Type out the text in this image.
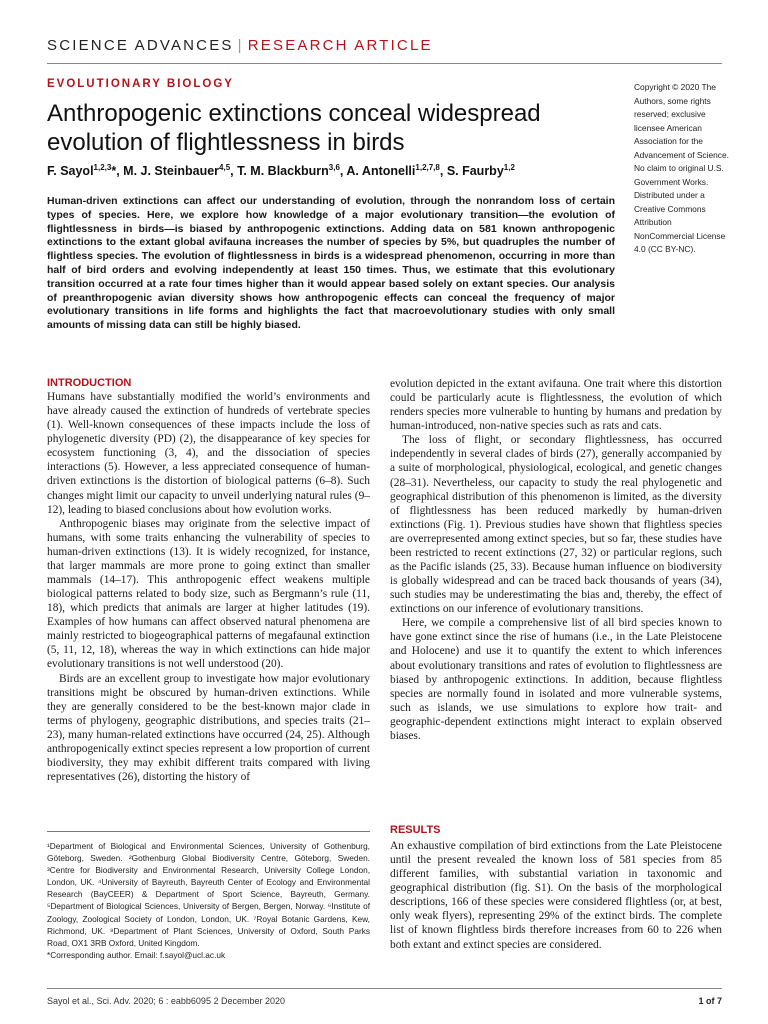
SCIENCE ADVANCES | RESEARCH ARTICLE
EVOLUTIONARY BIOLOGY
Anthropogenic extinctions conceal widespread evolution of flightlessness in birds
F. Sayol$^{1,2,3}$*, M. J. Steinbauer$^{4,5}$, T. M. Blackburn$^{3,6}$, A. Antonelli$^{1,2,7,8}$, S. Faurby$^{1,2}$
Human-driven extinctions can affect our understanding of evolution, through the nonrandom loss of certain types of species. Here, we explore how knowledge of a major evolutionary transition—the evolution of flightlessness in birds—is biased by anthropogenic extinctions. Adding data on 581 known anthropogenic extinctions to the extant global avifauna increases the number of species by 5%, but quadruples the number of flightless species. The evolution of flightlessness in birds is a widespread phenomenon, occurring in more than half of bird orders and evolving independently at least 150 times. Thus, we estimate that this evolutionary transition occurred at a rate four times higher than it would appear based solely on extant species. Our analysis of preanthropogenic avian diversity shows how anthropogenic effects can conceal the frequency of major evolutionary transitions in life forms and highlights the fact that macroevolutionary studies with only small amounts of missing data can still be highly biased.
Copyright © 2020 The Authors, some rights reserved; exclusive licensee American Association for the Advancement of Science. No claim to original U.S. Government Works. Distributed under a Creative Commons Attribution NonCommercial License 4.0 (CC BY-NC).
INTRODUCTION

Humans have substantially modified the world’s environments and have already caused the extinction of hundreds of vertebrate species (1). Well-known consequences of these impacts include the loss of phylogenetic diversity (PD) (2), the disappearance of key species for ecosystem functioning (3, 4), and the dissociation of species interactions (5). However, a less appreciated consequence of human-driven extinctions is the distortion of biological patterns (6–8). Such changes might limit our capacity to unveil underlying natural rules (9–12), leading to biased conclusions about how evolution works.

Anthropogenic biases may originate from the selective impact of humans, with some traits enhancing the vulnerability of species to human-driven extinctions (13). It is widely recognized, for instance, that larger mammals are more prone to going extinct than smaller mammals (14–17). This anthropogenic effect weakens multiple biological patterns related to body size, such as Bergmann’s rule (11, 18), which predicts that animals are larger at higher latitudes (19). Examples of how humans can affect observed natural phenomena are mainly restricted to biogeographical patterns of megafaunal extinction (5, 11, 12, 18), whereas the way in which extinctions can hide major evolutionary transitions is not well understood (20).

Birds are an excellent group to investigate how major evolutionary transitions might be obscured by human-driven extinctions. While they are generally considered to be the best-known major clade in terms of phylogeny, geographic distributions, and species traits (21–23), many human-related extinctions have occurred (24, 25). Although anthropogenically extinct species represent a low proportion of current biodiversity, they may exhibit different traits compared with living representatives (26), distorting the history of

evolution depicted in the extant avifauna. One trait where this distortion could be particularly acute is flightlessness, the evolution of which renders species more vulnerable to hunting by humans and predation by human-introduced, non-native species such as rats and cats.

The loss of flight, or secondary flightlessness, has occurred independently in several clades of birds (27), generally accompanied by a suite of morphological, physiological, ecological, and genetic changes (28–31). Nevertheless, our capacity to study the real phylogenetic and geographical distribution of this phenomenon is limited, as the diversity of flightlessness has been reduced markedly by human-driven extinctions (Fig. 1). Previous studies have shown that flightless species are overrepresented among extinct species, but so far, these studies have been restricted to recent extinctions (27, 32) or particular regions, such as the Pacific islands (25, 33). Because human influence on biodiversity is globally widespread and can be traced back thousands of years (34), such studies may be underestimating the bias and, thereby, the effect of extinctions on our inference of evolutionary transitions.

Here, we compile a comprehensive list of all bird species known to have gone extinct since the rise of humans (i.e., in the Late Pleistocene and Holocene) and use it to quantify the extent to which inferences about evolutionary transitions and rates of evolution to flightlessness are biased by anthropogenic extinctions. In addition, because flightless species are normally found in isolated and more vulnerable systems, such as islands, we use simulations to explore how trait- and geographic-dependent extinctions might interact to explain observed biases.

RESULTS

An exhaustive compilation of bird extinctions from the Late Pleistocene until the present revealed the known loss of 581 species from 85 different families, with substantial variation in taxonomic and geographical distribution (fig. S1). On the basis of the morphological descriptions, 166 of these species were considered flightless (or, at best, only weak flyers), representing 29% of the extinct birds. The complete list of known flightless birds therefore increases from 60 to 226 when both extant and extinct species are considered.

¹Department of Biological and Environmental Sciences, University of Gothenburg, Göteborg, Sweden. ²Gothenburg Global Biodiversity Centre, Göteborg, Sweden. ³Centre for Biodiversity and Environmental Research, University College London, London, UK. ⁴University of Bayreuth, Bayreuth Center of Ecology and Environmental Research (BayCEER) & Department of Sport Science, Bayreuth, Germany. ⁵Department of Biological Sciences, University of Bergen, Bergen, Norway. ⁶Institute of Zoology, Zoological Society of London, London, UK. ⁷Royal Botanic Gardens, Kew, Richmond, UK. ⁸Department of Plant Sciences, University of Oxford, South Parks Road, OX1 3RB Oxford, United Kingdom.
*Corresponding author. Email: f.sayol@ucl.ac.uk
Sayol et al., Sci. Adv. 2020; 6 : eabb6095 2 December 2020	1 of 7
